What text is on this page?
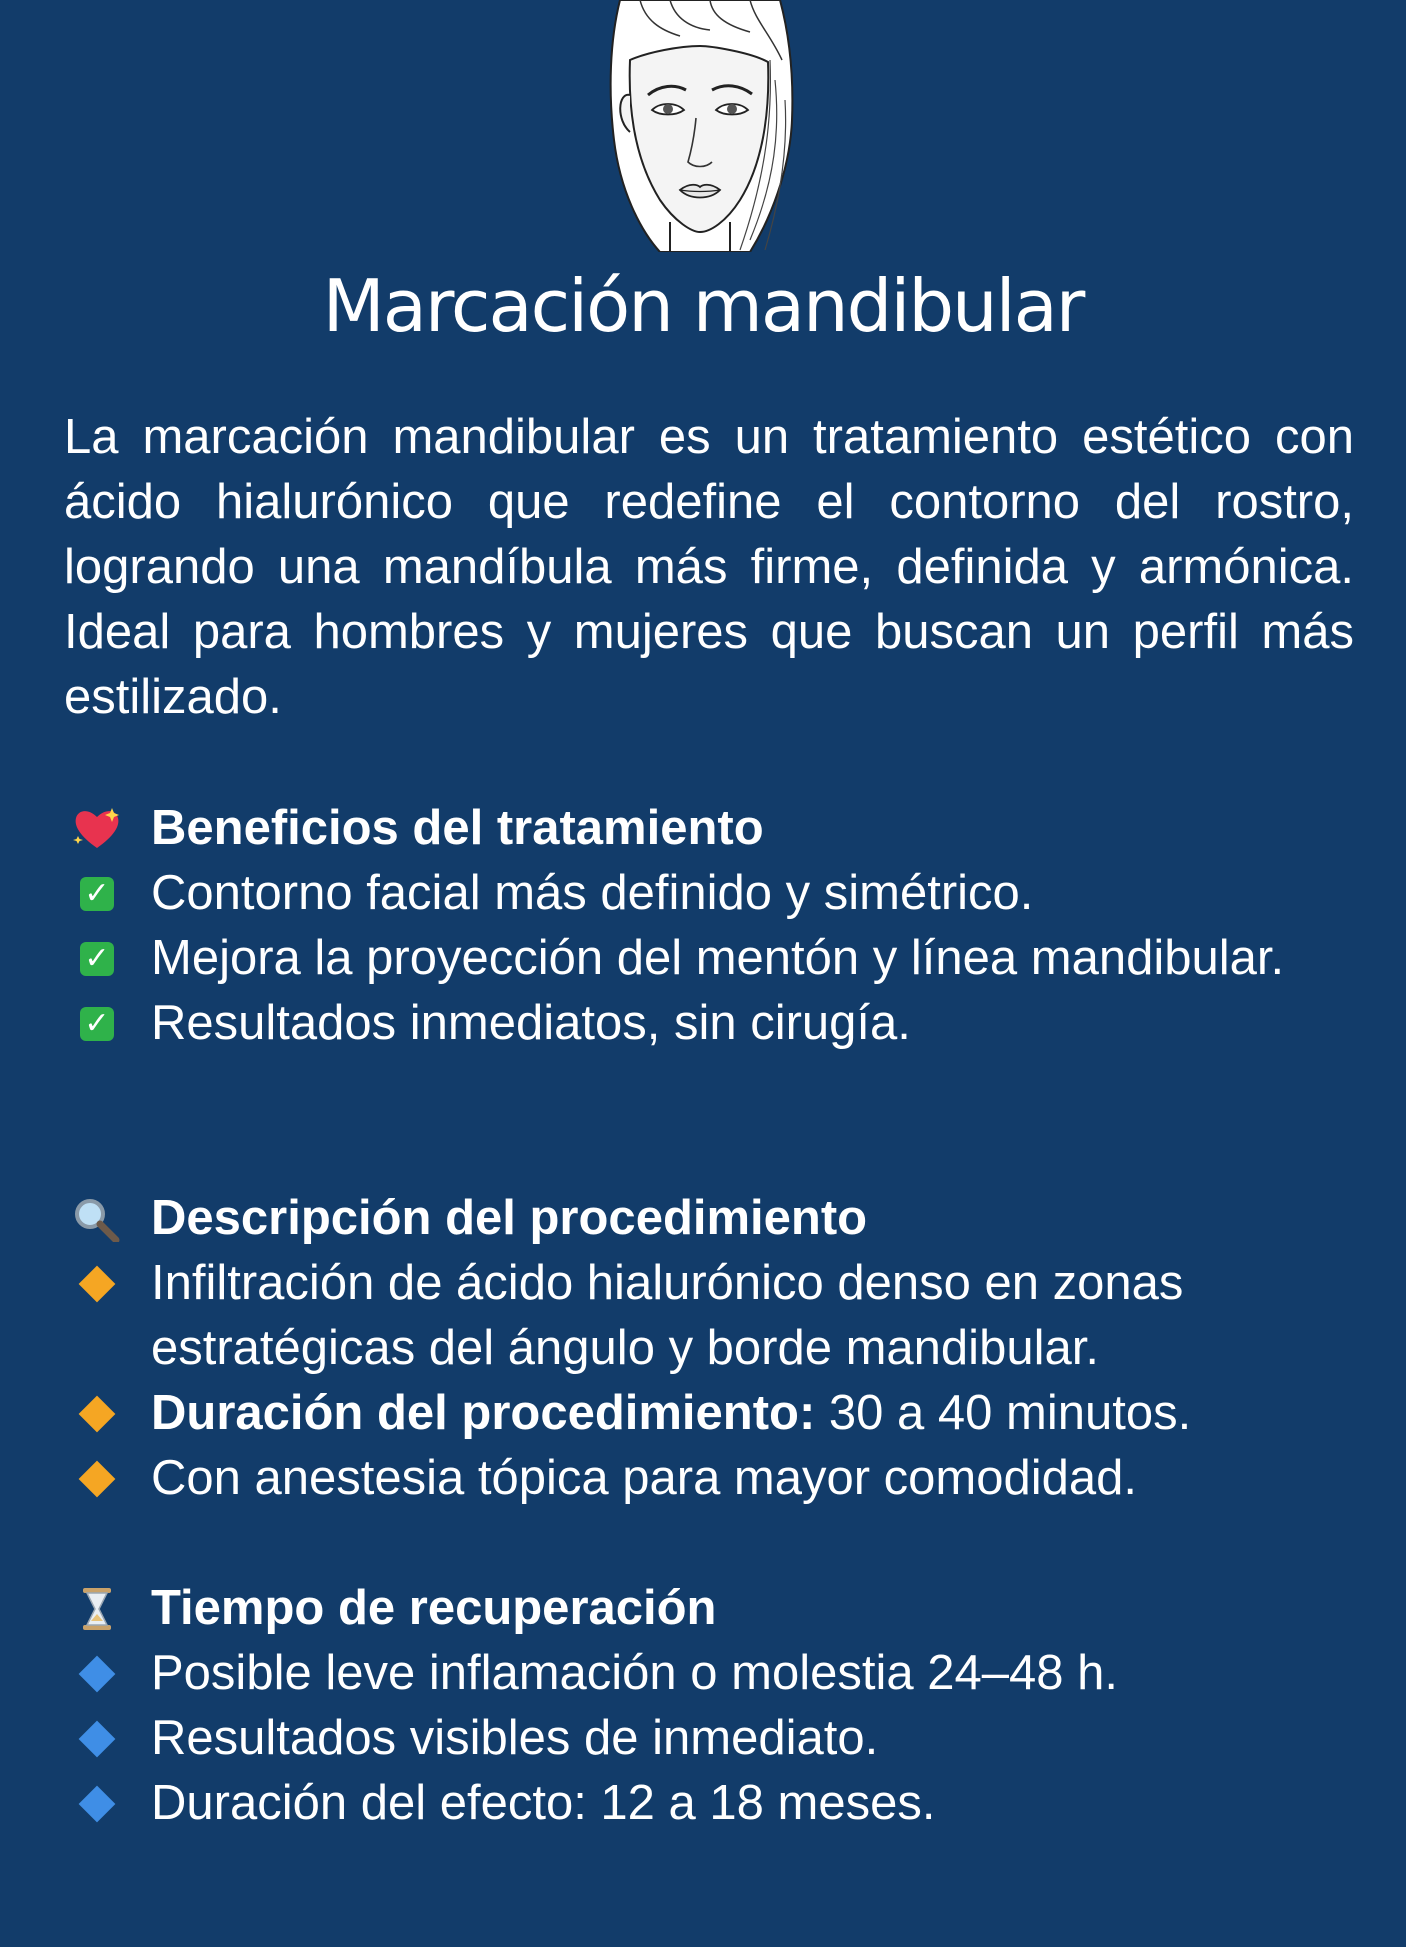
Marcación mandibular
La marcación mandibular es un tratamiento estético con ácido hialurónico que redefine el contorno del rostro, logrando una mandíbula más firme, definida y armónica. Ideal para hombres y mujeres que buscan un perfil más estilizado.
Beneficios del tratamiento
✓ Contorno facial más definido y simétrico.
✓ Mejora la proyección del mentón y línea mandibular.
✓ Resultados inmediatos, sin cirugía.
Descripción del procedimiento
Infiltración de ácido hialurónico denso en zonas estratégicas del ángulo y borde mandibular.
Duración del procedimiento: 30 a 40 minutos.
Con anestesia tópica para mayor comodidad.
Tiempo de recuperación
Posible leve inflamación o molestia 24–48 h.
Resultados visibles de inmediato.
Duración del efecto: 12 a 18 meses.
